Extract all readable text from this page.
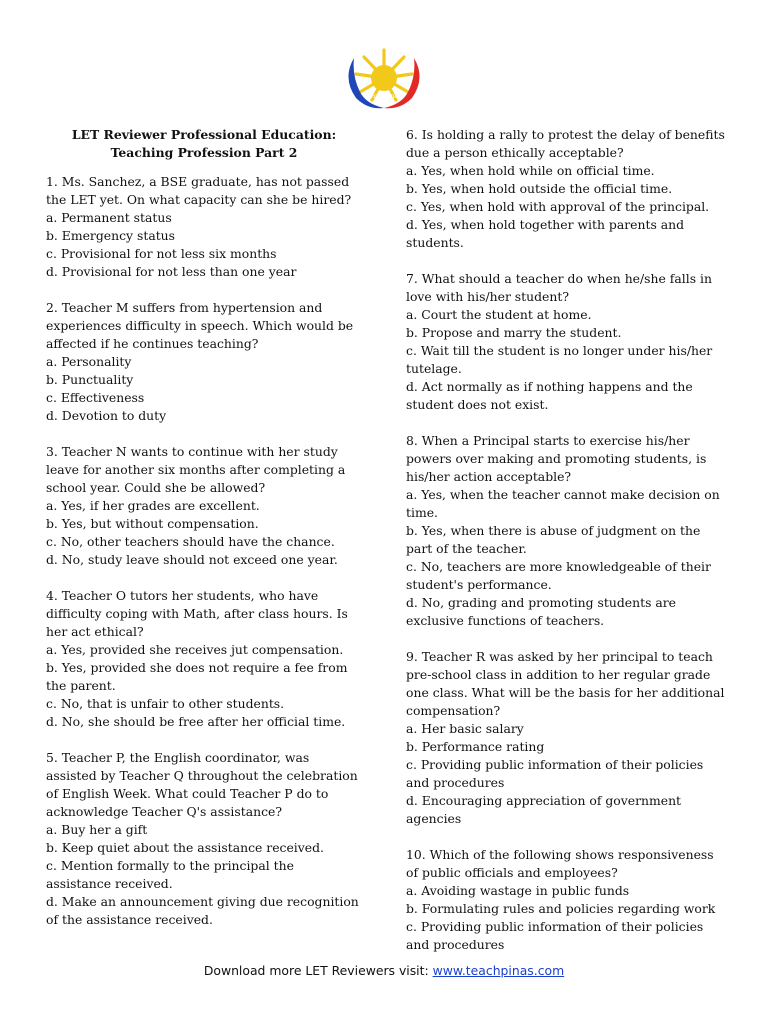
TeachPinas
LET Reviewer Professional Education:
Teaching Profession Part 2
1. Ms. Sanchez, a BSE graduate, has not passed the LET yet. On what capacity can she be hired?
a. Permanent status
b. Emergency status
c. Provisional for not less six months
d. Provisional for not less than one year
2. Teacher M suffers from hypertension and experiences difficulty in speech. Which would be affected if he continues teaching?
a. Personality
b. Punctuality
c. Effectiveness
d. Devotion to duty
3. Teacher N wants to continue with her study leave for another six months after completing a school year. Could she be allowed?
a. Yes, if her grades are excellent.
b. Yes, but without compensation.
c. No, other teachers should have the chance.
d. No, study leave should not exceed one year.
4. Teacher O tutors her students, who have difficulty coping with Math, after class hours. Is her act ethical?
a. Yes, provided she receives jut compensation.
b. Yes, provided she does not require a fee from the parent.
c. No, that is unfair to other students.
d. No, she should be free after her official time.
5. Teacher P, the English coordinator, was assisted by Teacher Q throughout the celebration of English Week. What could Teacher P do to acknowledge Teacher Q's assistance?
a. Buy her a gift
b. Keep quiet about the assistance received.
c. Mention formally to the principal the assistance received.
d. Make an announcement giving due recognition of the assistance received.
6. Is holding a rally to protest the delay of benefits due a person ethically acceptable?
a. Yes, when hold while on official time.
b. Yes, when hold outside the official time.
c. Yes, when hold with approval of the principal.
d. Yes, when hold together with parents and students.
7. What should a teacher do when he/she falls in love with his/her student?
a. Court the student at home.
b. Propose and marry the student.
c. Wait till the student is no longer under his/her tutelage.
d. Act normally as if nothing happens and the student does not exist.
8. When a Principal starts to exercise his/her powers over making and promoting students, is his/her action acceptable?
a. Yes, when the teacher cannot make decision on time.
b. Yes, when there is abuse of judgment on the part of the teacher.
c. No, teachers are more knowledgeable of their student's performance.
d. No, grading and promoting students are exclusive functions of teachers.
9. Teacher R was asked by her principal to teach pre-school class in addition to her regular grade one class. What will be the basis for her additional compensation?
a. Her basic salary
b. Performance rating
c. Providing public information of their policies and procedures
d. Encouraging appreciation of government agencies
10. Which of the following shows responsiveness of public officials and employees?
a. Avoiding wastage in public funds
b. Formulating rules and policies regarding work
c. Providing public information of their policies and procedures
Download more LET Reviewers visit: www.teachpinas.com
